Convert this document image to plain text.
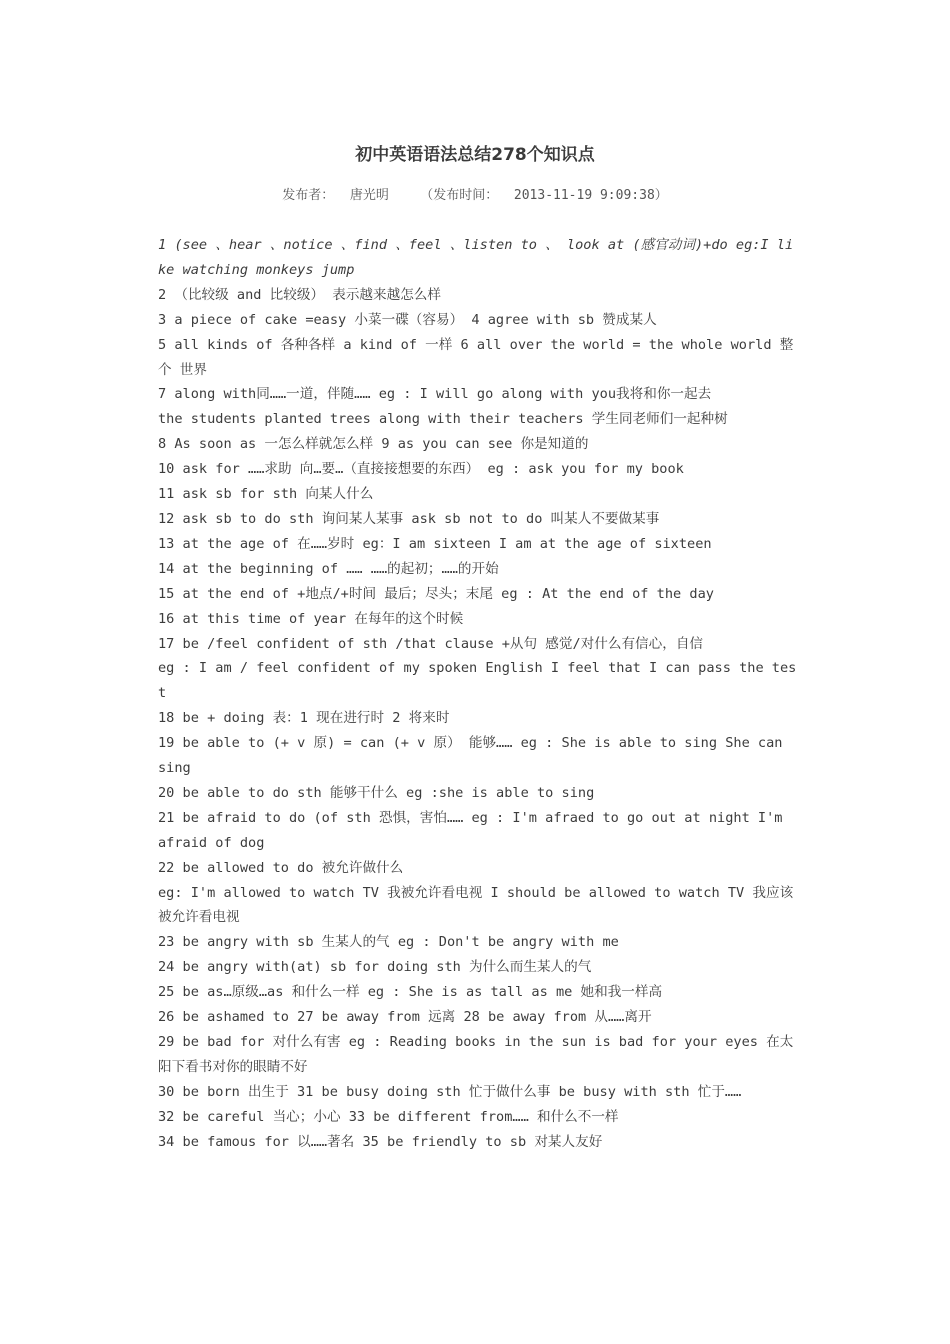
初中英语语法总结278个知识点
发布者： 唐光明 （发布时间： 2013-11-19 9:09:38）

1 (see 、hear 、notice 、find 、feel 、listen to 、 look at (感官动词)+do eg:I like watching monkeys jump

2 （比较级 and 比较级） 表示越来越怎么样

3 a piece of cake =easy 小菜一碟（容易） 4 agree with sb 赞成某人

5 all kinds of 各种各样 a kind of 一样 6 all over the world = the whole world 整个 世界

7 along with同……一道，伴随…… eg : I will go along with you我将和你一起去

the students planted trees along with their teachers 学生同老师们一起种树

8 As soon as 一怎么样就怎么样 9 as you can see 你是知道的

10 ask for ……求助 向…要…（直接接想要的东西） eg : ask you for my book

11 ask sb for sth 向某人什么

12 ask sb to do sth 询问某人某事 ask sb not to do 叫某人不要做某事

13 at the age of 在……岁时 eg：I am sixteen I am at the age of sixteen

14 at the beginning of …… ……的起初；……的开始

15 at the end of +地点/+时间 最后；尽头；末尾 eg : At the end of the day

16 at this time of year 在每年的这个时候

17 be /feel confident of sth /that clause +从句 感觉/对什么有信心，自信

eg : I am / feel confident of my spoken English I feel that I can pass the test

18 be + doing 表：1 现在进行时 2 将来时

19 be able to (+ v 原) = can (+ v 原） 能够…… eg : She is able to sing She can sing

20 be able to do sth 能够干什么 eg :she is able to sing

21 be afraid to do (of sth 恐惧，害怕…… eg : I'm afraed to go out at night I'm afraid of dog

22 be allowed to do 被允许做什么

eg: I'm allowed to watch TV 我被允许看电视 I should be allowed to watch TV 我应该被允许看电视

23 be angry with sb 生某人的气 eg : Don't be angry with me

24 be angry with(at) sb for doing sth 为什么而生某人的气

25 be as…原级…as 和什么一样 eg : She is as tall as me 她和我一样高

26 be ashamed to 27 be away from 远离 28 be away from 从……离开

29 be bad for 对什么有害 eg : Reading books in the sun is bad for your eyes 在太阳下看书对你的眼睛不好

30 be born 出生于 31 be busy doing sth 忙于做什么事 be busy with sth 忙于……

32 be careful 当心；小心 33 be different from…… 和什么不一样

34 be famous for 以……著名 35 be friendly to sb 对某人友好
